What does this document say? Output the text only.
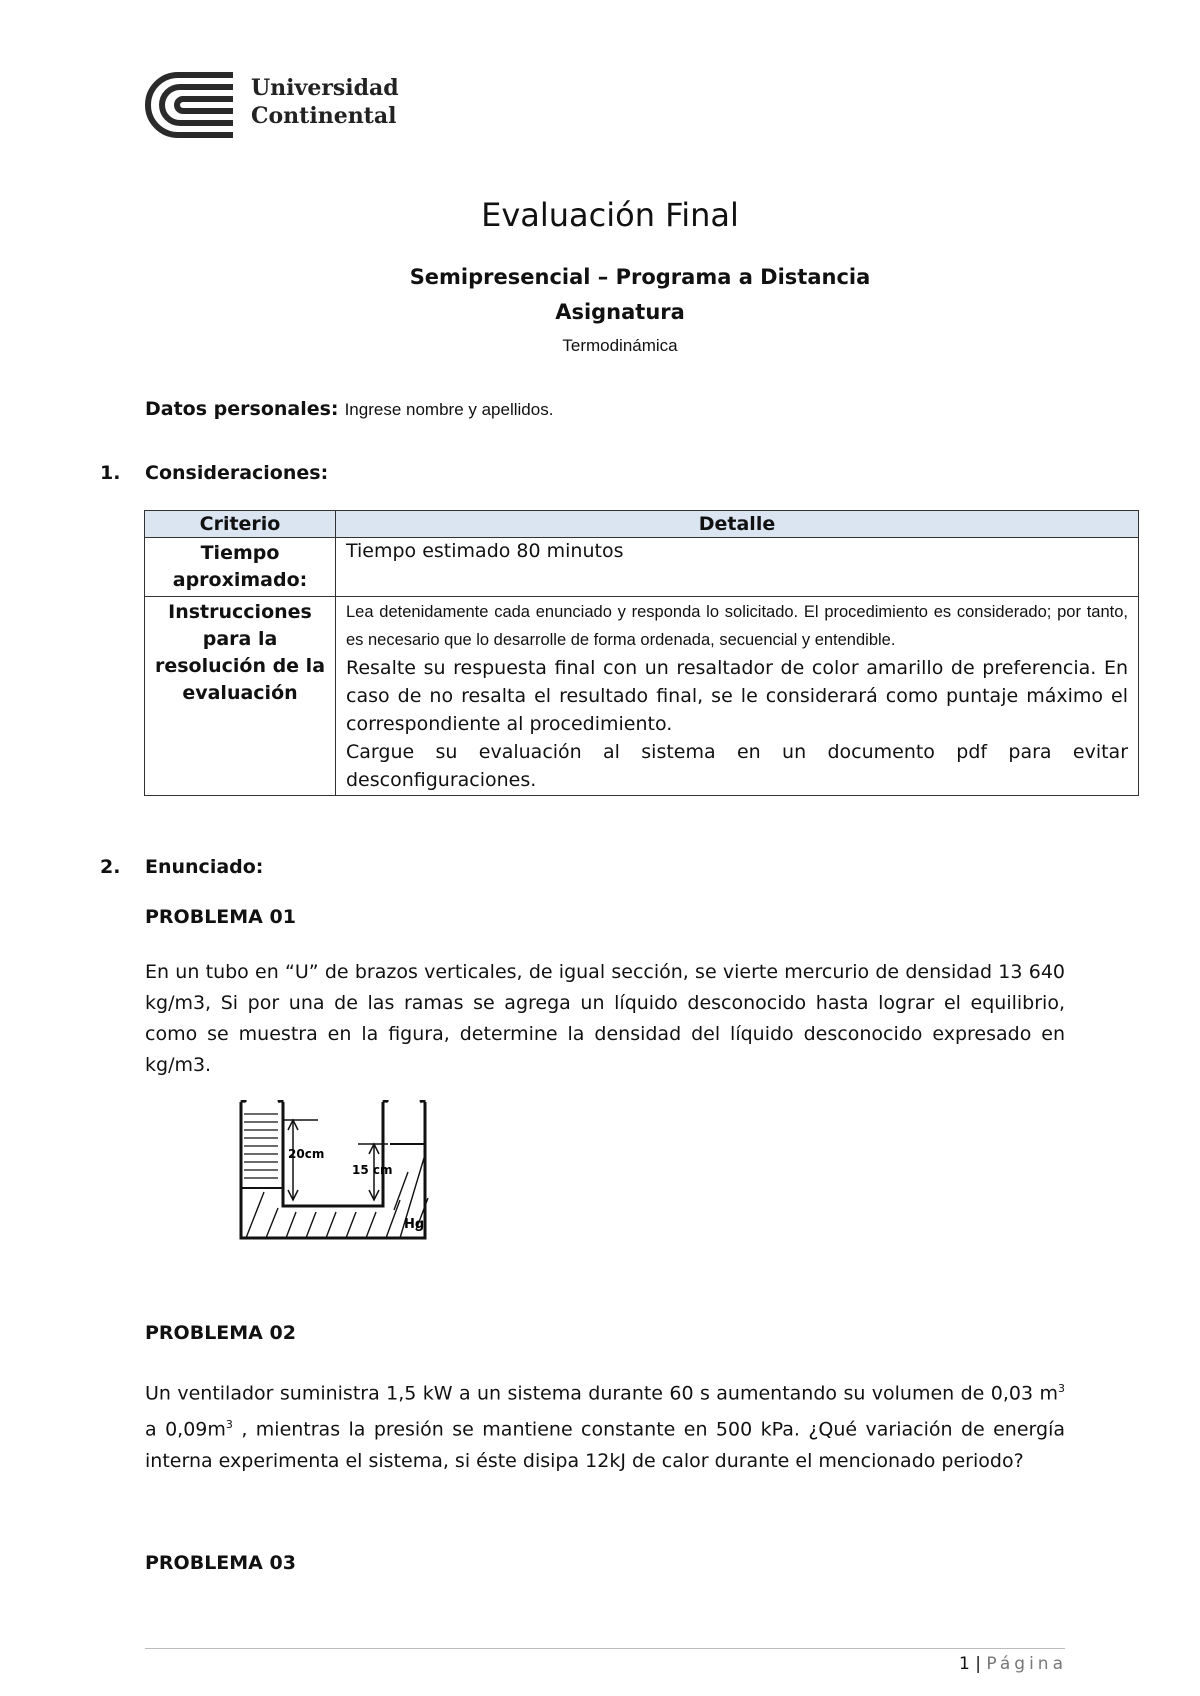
Universidad
Continental
Evaluación Final
Semipresencial – Programa a Distancia
Asignatura
Termodinámica
Datos personales: Ingrese nombre y apellidos.
1. Consideraciones:
Criterio	Detalle
Tiempo aproximado:	Tiempo estimado 80 minutos
Instrucciones para la resolución de la evaluación	Lea detenidamente cada enunciado y responda lo solicitado. El procedimiento es considerado; por tanto, es necesario que lo desarrolle de forma ordenada, secuencial y entendible.

Resalte su respuesta final con un resaltador de color amarillo de preferencia. En caso de no resalta el resultado final, se le considerará como puntaje máximo el correspondiente al procedimiento.

Cargue su evaluación al sistema en un documento pdf para evitar desconfiguraciones.

2. Enunciado:
PROBLEMA 01
En un tubo en “U” de brazos verticales, de igual sección, se vierte mercurio de densidad 13 640 kg/m3, Si por una de las ramas se agrega un líquido desconocido hasta lograr el equilibrio, como se muestra en la figura, determine la densidad del líquido desconocido expresado en kg/m3.
20cm
15 cm
Hg
PROBLEMA 02
Un ventilador suministra 1,5 kW a un sistema durante 60 s aumentando su volumen de 0,03 $m^3$ a $0,09m^3$ , mientras la presión se mantiene constante en 500 kPa. ¿Qué variación de energía interna experimenta el sistema, si éste disipa 12kJ de calor durante el mencionado periodo?
PROBLEMA 03
1 | Página
